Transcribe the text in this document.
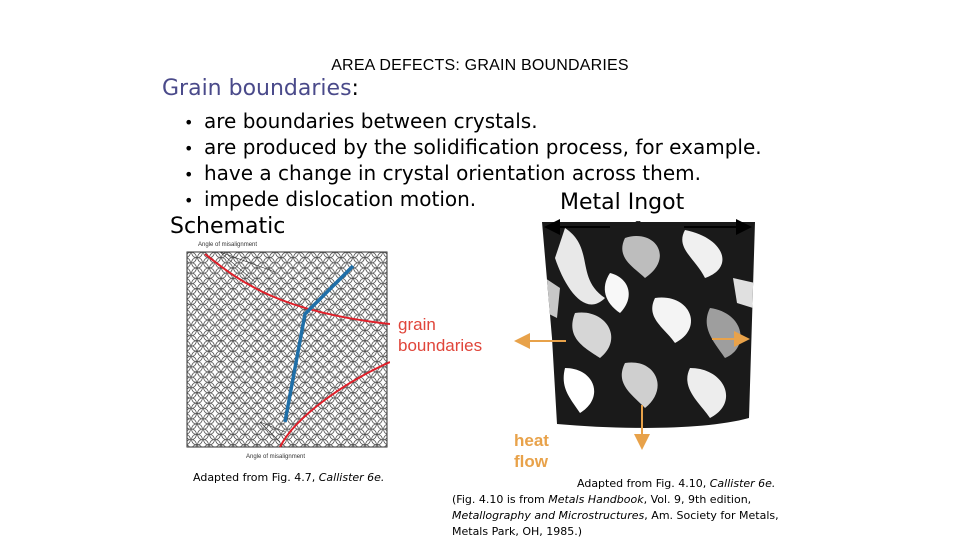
AREA DEFECTS: GRAIN BOUNDARIES
Grain boundaries:
• are boundaries between crystals.
• are produced by the solidification process, for example.
• have a change in crystal orientation across them.
• impede dislocation motion.
Schematic
Metal Ingot
Angle of misalignment
Angle of misalignment
grain
boundaries
heat
flow
Adapted from Fig. 4.7, Callister 6e.	Adapted from Fig. 4.10, Callister 6e. (Fig. 4.10 is from Metals Handbook, Vol. 9, 9th edition, Metallography and Microstructures, Am. Society for Metals, Metals Park, OH, 1985.)
